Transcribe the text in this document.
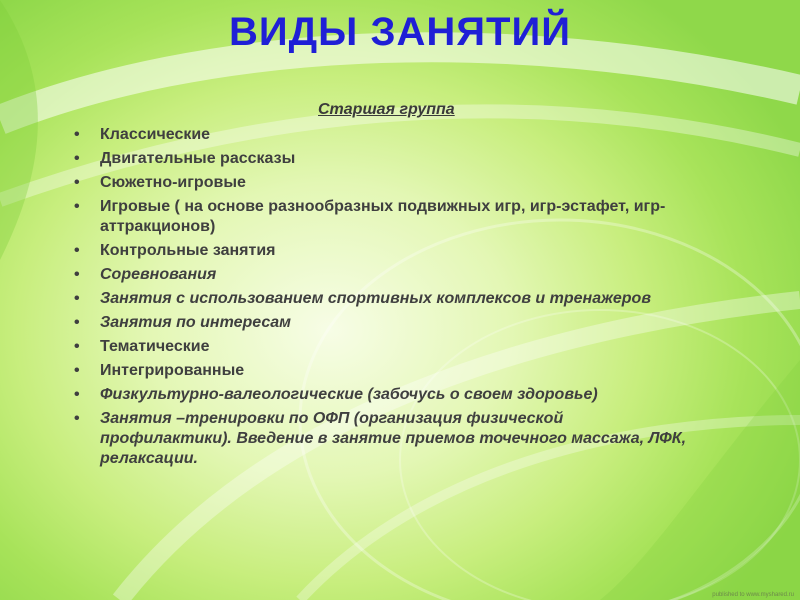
ВИДЫ ЗАНЯТИЙ
Старшая группа
• Классические
• Двигательные рассказы
• Сюжетно-игровые
• Игровые ( на основе разнообразных подвижных игр, игр-эстафет, игр-аттракционов)
• Контрольные занятия
• Соревнования
• Занятия с использованием спортивных комплексов и тренажеров
• Занятия по интересам
• Тематические
• Интегрированные
• Физкультурно-валеологические (забочусь о своем здоровье)
• Занятия –тренировки по ОФП (организация физической профилактики). Введение в занятие приемов точечного массажа, ЛФК, релаксации.
published to www.myshared.ru
